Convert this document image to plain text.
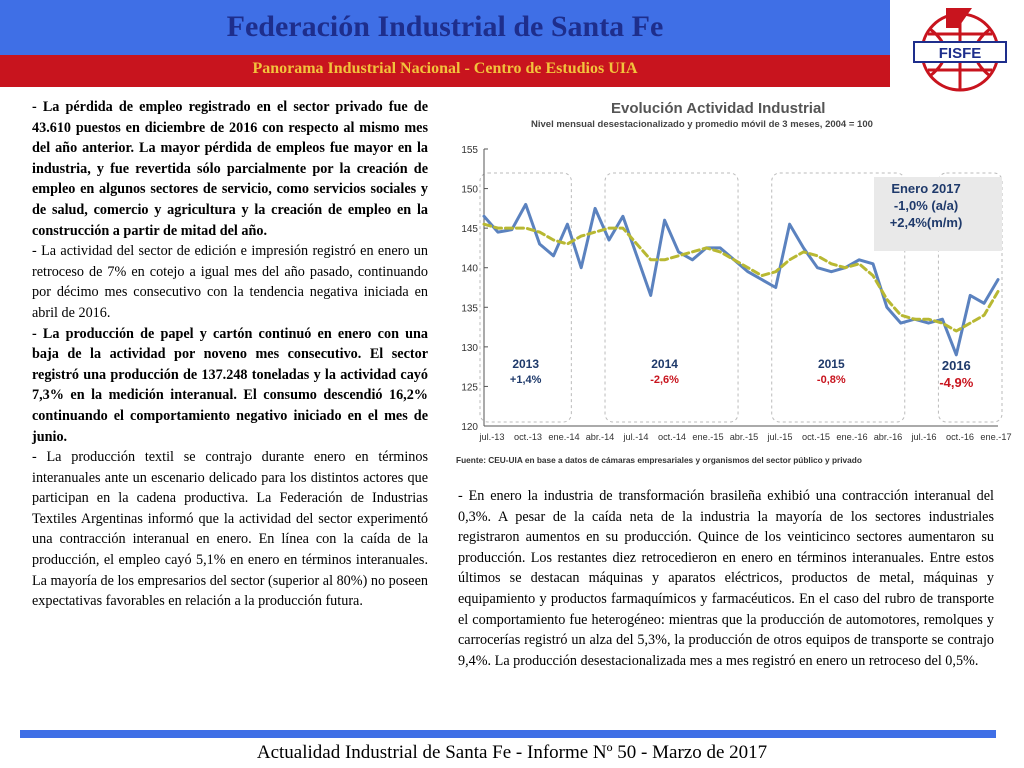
Federación Industrial de Santa Fe
Panorama Industrial Nacional - Centro de Estudios UIA
FISFE

- La pérdida de empleo registrado en el sector privado fue de 43.610 puestos en diciembre de 2016 con respecto al mismo mes del año anterior. La mayor pérdida de empleos fue mayor en la industria, y fue revertida sólo parcialmente por la creación de empleo en algunos sectores de servicio, como servicios sociales y de salud, comercio y agricultura y la creación de empleo en la construcción a partir de mitad del año.

- La actividad del sector de edición e impresión registró en enero un retroceso de 7% en cotejo a igual mes del año pasado, continuando por décimo mes consecutivo con la tendencia negativa iniciada en abril de 2016.

- La producción de papel y cartón continuó en enero con una baja de la actividad por noveno mes consecutivo. El sector registró una producción de 137.248 toneladas y la actividad cayó 7,3% en la medición interanual. El consumo descendió 16,2% continuando el comportamiento negativo iniciado en el mes de junio.

- La producción textil se contrajo durante enero en términos interanuales ante un escenario delicado para los distintos actores que participan en la cadena productiva. La Federación de Industrias Textiles Argentinas informó que la actividad del sector experimentó una contracción interanual en enero. En línea con la caída de la producción, el empleo cayó 5,1% en enero en términos interanuales. La mayoría de los empresarios del sector (superior al 80%) no poseen expectativas favorables en relación a la producción futura.

Evolución Actividad Industrial
Nivel mensual desestacionalizado y promedio móvil de 3 meses, 2004 = 100
120
125
130
135
140
145
150
155
jul.-13 oct.-13 ene.-14 abr.-14 jul.-14 oct.-14 ene.-15 abr.-15 jul.-15 oct.-15 ene.-16 abr.-16 jul.-16 oct.-16 ene.-17
2013
+1,4%
2014
-2,6%
2015
-0,8%
2016
-4,9%
Enero 2017
-1,0% (a/a)
+2,4%(m/m)
Fuente: CEU-UIA en base a datos de cámaras empresariales y organismos del sector público y privado

- En enero la industria de transformación brasileña exhibió una contracción interanual del 0,3%. A pesar de la caída neta de la industria la mayoría de los sectores industriales registraron aumentos en su producción. Quince de los veinticinco sectores aumentaron su producción. Los restantes diez retrocedieron en enero en términos interanuales. Entre estos últimos se destacan máquinas y aparatos eléctricos, productos de metal, máquinas y equipamiento y productos farmaquímicos y farmacéuticos. En el caso del rubro de transporte el comportamiento fue heterogéneo: mientras que la producción de automotores, remolques y carrocerías registró un alza del 5,3%, la producción de otros equipos de transporte se contrajo 9,4%. La producción desestacionalizada mes a mes registró en enero un retroceso del 0,5%.

Actualidad Industrial de Santa Fe - Informe Nº 50 - Marzo de 2017
